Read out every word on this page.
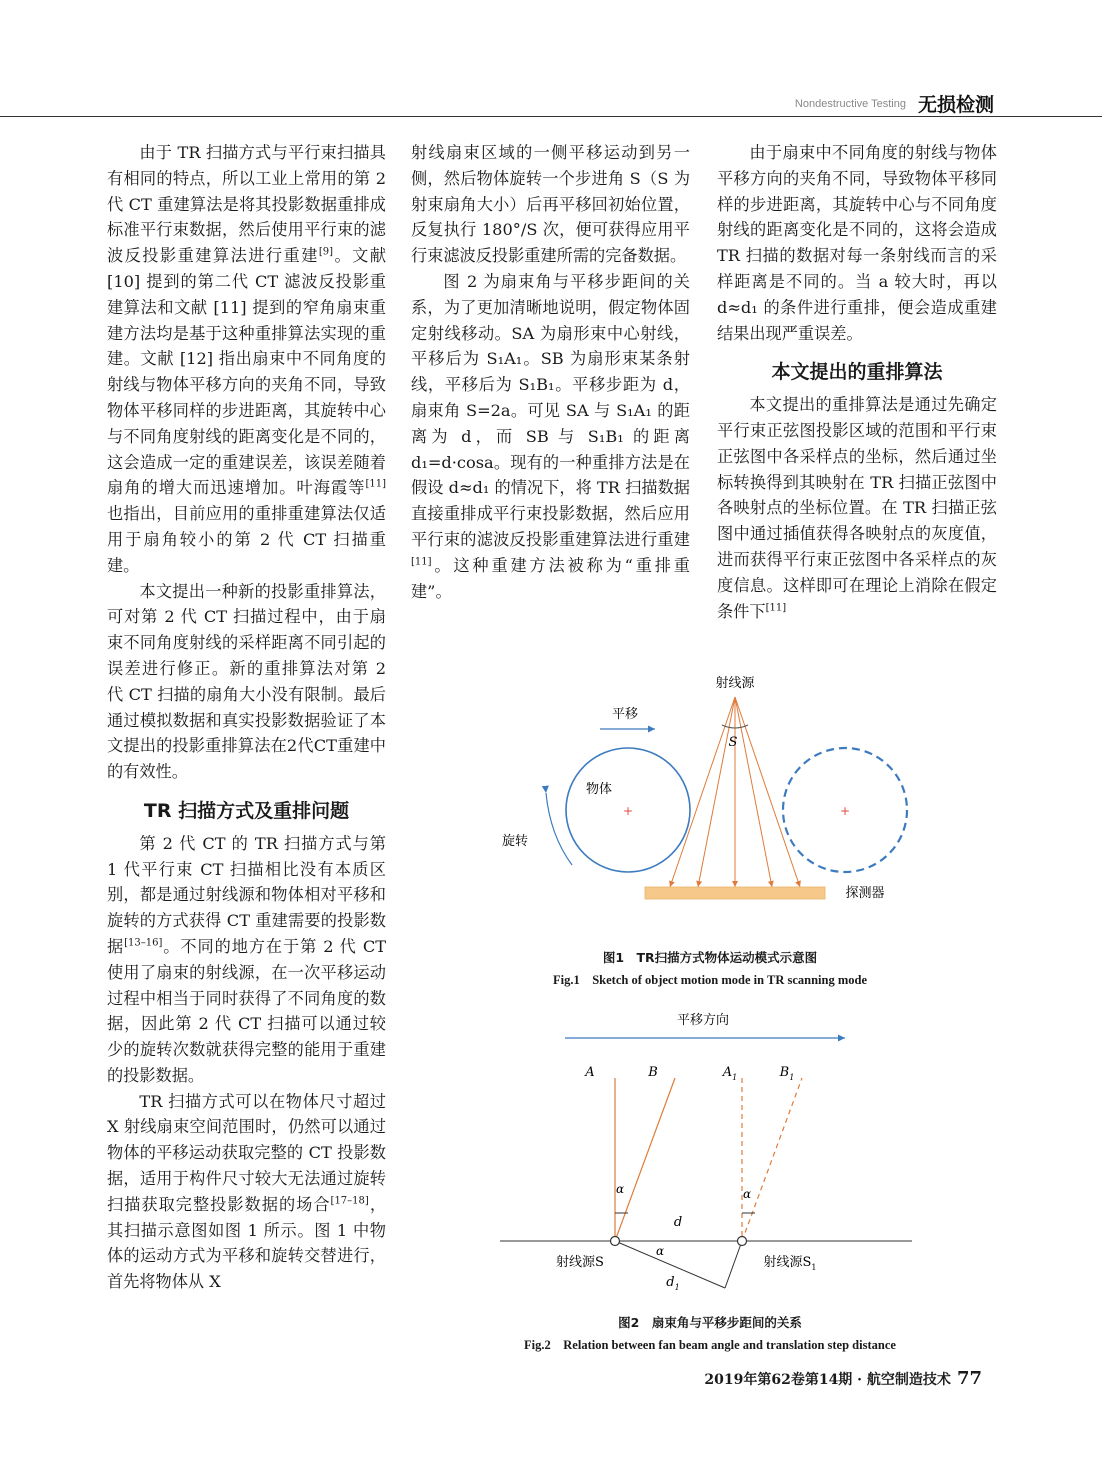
Nondestructive Testing 无损检测

由于 TR 扫描方式与平行束扫描具有相同的特点，所以工业上常用的第 2 代 CT 重建算法是将其投影数据重排成标准平行束数据，然后使用平行束的滤波反投影重建算法进行重建[9]。文献 [10] 提到的第二代 CT 滤波反投影重建算法和文献 [11] 提到的窄角扇束重建方法均是基于这种重排算法实现的重建。文献 [12] 指出扇束中不同角度的射线与物体平移方向的夹角不同，导致物体平移同样的步进距离，其旋转中心与不同角度射线的距离变化是不同的，这会造成一定的重建误差，该误差随着扇角的增大而迅速增加。叶海霞等[11]也指出，目前应用的重排重建算法仅适用于扇角较小的第 2 代 CT 扫描重建。

本文提出一种新的投影重排算法，可对第 2 代 CT 扫描过程中，由于扇束不同角度射线的采样距离不同引起的误差进行修正。新的重排算法对第 2 代 CT 扫描的扇角大小没有限制。最后通过模拟数据和真实投影数据验证了本文提出的投影重排算法在2代CT重建中的有效性。

TR 扫描方式及重排问题

第 2 代 CT 的 TR 扫描方式与第 1 代平行束 CT 扫描相比没有本质区别，都是通过射线源和物体相对平移和旋转的方式获得 CT 重建需要的投影数据[13–16]。不同的地方在于第 2 代 CT 使用了扇束的射线源，在一次平移运动过程中相当于同时获得了不同角度的数据，因此第 2 代 CT 扫描可以通过较少的旋转次数就获得完整的能用于重建的投影数据。

TR 扫描方式可以在物体尺寸超过 X 射线扇束空间范围时，仍然可以通过物体的平移运动获取完整的 CT 投影数据，适用于构件尺寸较大无法通过旋转扫描获取完整投影数据的场合[17–18]，其扫描示意图如图 1 所示。图 1 中物体的运动方式为平移和旋转交替进行，首先将物体从 X

射线扇束区域的一侧平移运动到另一侧，然后物体旋转一个步进角 S（S 为射束扇角大小）后再平移回初始位置，反复执行 180°/S 次，便可获得应用平行束滤波反投影重建所需的完备数据。

图 2 为扇束角与平移步距间的关系，为了更加清晰地说明，假定物体固定射线移动。SA 为扇形束中心射线，平移后为 S₁A₁。SB 为扇形束某条射线，平移后为 S₁B₁。平移步距为 d，扇束角 S=2a。可见 SA 与 S₁A₁ 的距离为 d，而 SB 与 S₁B₁ 的距离 d₁=d·cosa。现有的一种重排方法是在假设 d≈d₁ 的情况下，将 TR 扫描数据直接重排成平行束投影数据，然后应用平行束的滤波反投影重建算法进行重建[11]。这种重建方法被称为“重排重建”。

由于扇束中不同角度的射线与物体平移方向的夹角不同，导致物体平移同样的步进距离，其旋转中心与不同角度射线的距离变化是不同的，这将会造成 TR 扫描的数据对每一条射线而言的采样距离是不同的。当 a 较大时，再以 d≈d₁ 的条件进行重排，便会造成重建结果出现严重误差。

本文提出的重排算法

本文提出的重排算法是通过先确定平行束正弦图投影区域的范围和平行束正弦图中各采样点的坐标，然后通过坐标转换得到其映射在 TR 扫描正弦图中各映射点的坐标位置。在 TR 扫描正弦图中通过插值获得各映射点的灰度值，进而获得平行束正弦图中各采样点的灰度信息。这样即可在理论上消除在假定条件下[11]

射线源
S
平移
物体
+	+
旋转
探测器
图1　TR扫描方式物体运动模式示意图
Fig.1　Sketch of object motion mode in TR scanning mode
平移方向
A	B	$A_1$	$B_1$
α	α
d
α
$d_1$
射线源S	射线源$S_1$
图2　扇束角与平移步距间的关系
Fig.2　Relation between fan beam angle and translation step distance
2019年第62卷第14期 · 航空制造技术 77
